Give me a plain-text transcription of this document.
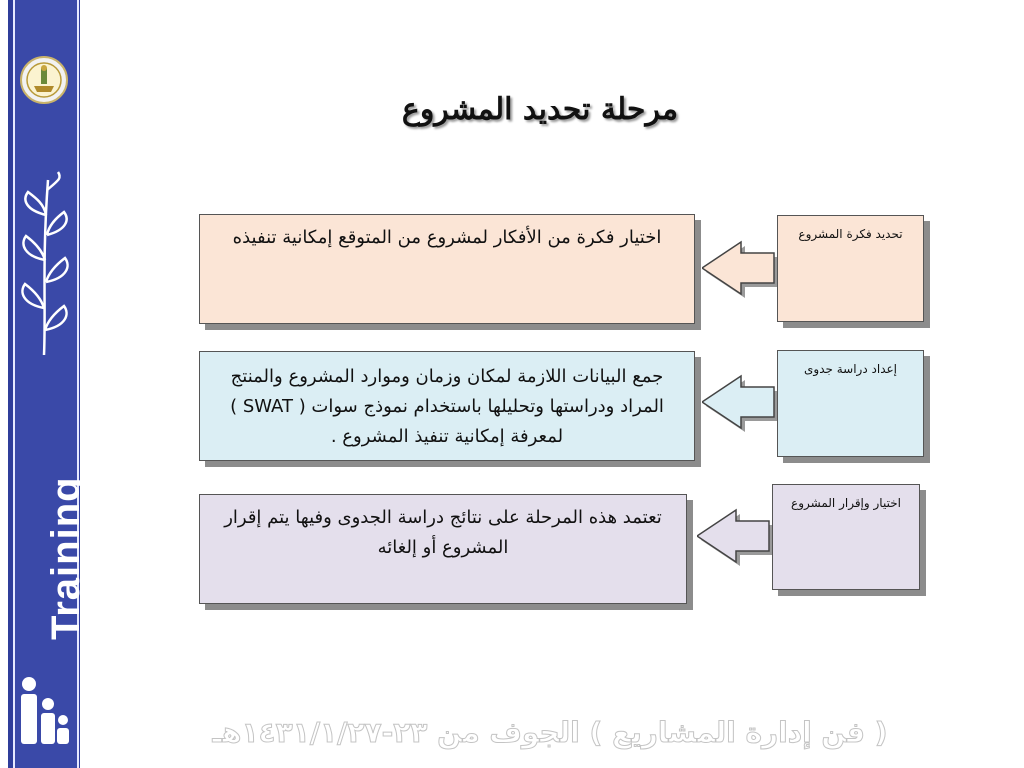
Training
مرحلة تحديد المشروع
اختيار فكرة من الأفكار لمشروع من المتوقع إمكانية تنفيذه	تحديد فكرة المشروع
جمع البيانات اللازمة لمكان وزمان وموارد المشروع والمنتج المراد ودراستها وتحليلها باستخدام نموذج سوات ( SWAT ) لمعرفة إمكانية تنفيذ المشروع .
إعداد دراسة جدوى
تعتمد هذه المرحلة على نتائج دراسة الجدوى وفيها يتم إقرار المشروع أو إلغائه
اختيار وإقرار المشروع
( فن إدارة المشاريع ) الجوف من ٢٣-١٤٣١/١/٢٧هـ
